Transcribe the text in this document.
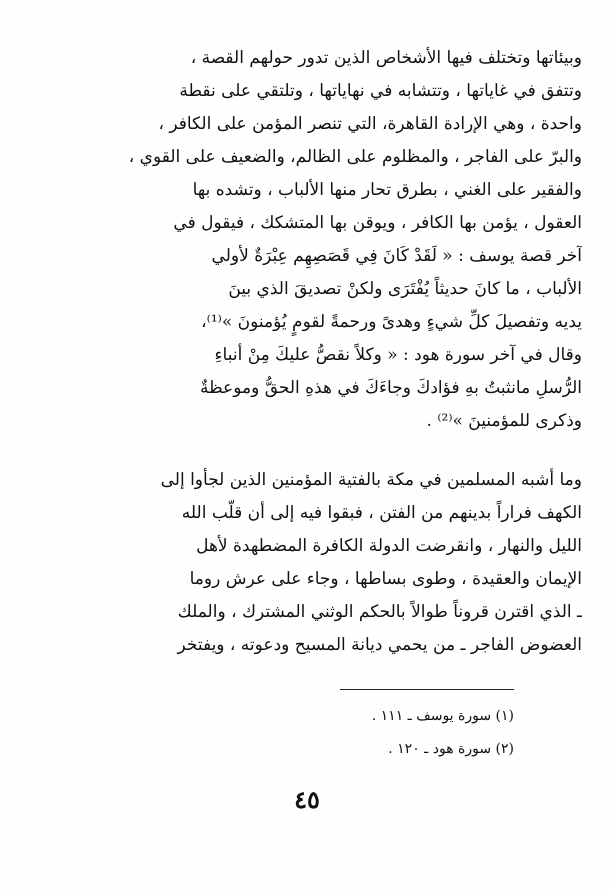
وبيئاتها وتختلف فيها الأشخاص الذين تدور حولهم القصة ،

وتتفق في غاياتها ، وتتشابه في نهاياتها ، وتلتقي على نقطة

واحدة ، وهي الإرادة القاهرة، التي تنصر المؤمن على الكافر ،

والبرّ على الفاجر ، والمظلوم على الظالم، والضعيف على القوي ،

والفقير على الغني ، بطرق تحار منها الألباب ، وتشده بها

العقول ، يؤمن بها الكافر ، ويوقن بها المتشكك ، فيقول في

آخر قصة يوسف : « لَقَدْ كَانَ فِي قَصَصِهِم عِبْرَةٌ لأولي

الألباب ، ما كانَ حديثاً يُفْتَرَى ولكنْ تصديقَ الذي بينَ

يديه وتفصيلَ كلِّ شيءٍ وهدىً ورحمةً لقومٍ يُؤمنونَ »⁽¹⁾،

وقال في آخر سورة هود : « وكلاً نقصُّ عليكَ مِنْ أنباءِ

الرُّسلِ مانثبتُ بهِ فؤادكَ وجاءَكَ في هذهِ الحقُّ وموعظةٌ

وذكرى للمؤمنينَ »⁽²⁾ .

وما أشبه المسلمين في مكة بالفتية المؤمنين الذين لجأوا إلى

الكهف فراراً بدينهم من الفتن ، فبقوا فيه إلى أن قلّب الله

الليل والنهار ، وانقرضت الدولة الكافرة المضطهدة لأهل

الإيمان والعقيدة ، وطوى بساطها ، وجاء على عرش روما

ـ الذي اقترن قروناً طوالاً بالحكم الوثني المشترك ، والملك

العضوض الفاجر ـ من يحمي ديانة المسيح ودعوته ، ويفتخر

(١) سورة يوسف ـ ١١١ .

(٢) سورة هود ـ ١٢٠ .

٤٥
